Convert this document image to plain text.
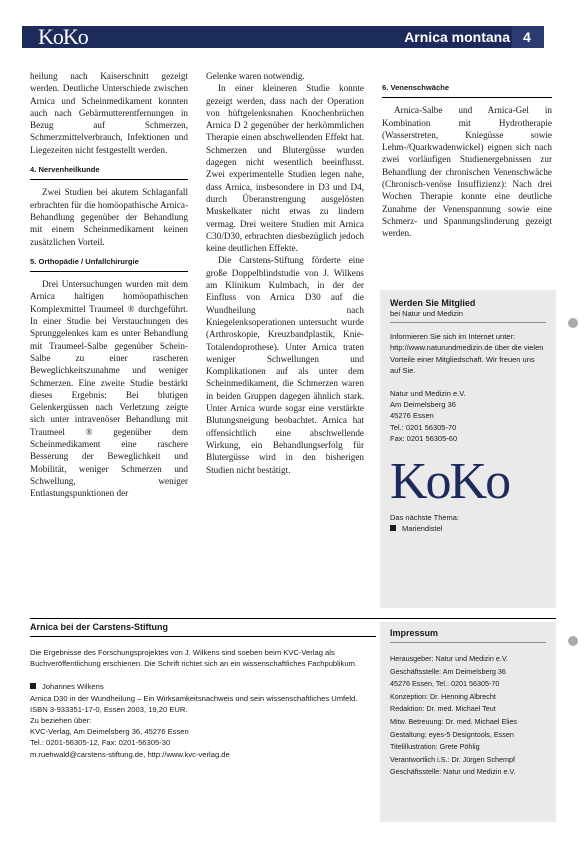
KoKo	Arnica montana 4

heilung nach Kaiserschnitt gezeigt werden. Deutliche Unterschiede zwischen Arnica und Scheinmedikament konnten auch nach Gebärmutterentfernungen in Bezug auf Schmerzen, Schmerzmittelverbrauch, Infektionen und Liegezeiten nicht festgestellt werden.

4. Nervenheilkunde

Zwei Studien bei akutem Schlaganfall erbrachten für die homöopathische Arnica-Behandlung gegenüber der Behandlung mit einem Scheinmedikament keinen zusätzlichen Vorteil.

5. Orthopädie / Unfallchirurgie

Drei Untersuchungen wurden mit dem Arnica haltigen homöopathischen Komplexmittel Traumeel ® durchgeführt. In einer Studie bei Verstauchungen des Sprunggelenkes kam es unter Behandlung mit Traumeel-Salbe gegenüber Schein-Salbe zu einer rascheren Beweglichkeitszunahme und weniger Schmerzen. Eine zweite Studie bestärkt dieses Ergebnis: Bei blutigen Gelenkergüssen nach Verletzung zeigte sich unter intravenöser Behandlung mit Traumeel ® gegenüber dem Scheinmedikament eine raschere Besserung der Beweglichkeit und Mobilität, weniger Schmerzen und Schwellung, weniger Entlastungspunktionen der

Gelenke waren notwendig.

In einer kleineren Studie konnte gezeigt werden, dass nach der Operation von hüftgelenksnahen Knochenbrüchen Arnica D 2 gegenüber der herkömmlichen Therapie einen abschwellenden Effekt hat. Schmerzen und Blutergüsse wurden dagegen nicht wesentlich beeinflusst. Zwei experimentelle Studien legen nahe, dass Arnica, insbesondere in D3 und D4, durch Überanstrengung ausgelösten Muskelkater nicht etwas zu lindern vermag. Drei weitere Studien mit Arnica C30/D30, erbrachten diesbezüglich jedoch keine deutlichen Effekte.

Die Carstens-Stiftung förderte eine große Doppelblindstudie von J. Wilkens am Klinikum Kulmbach, in der der Einfluss von Arnica D30 auf die Wundheilung nach Kniegelenksoperationen untersucht wurde (Arthroskopie, Kreuzbandplastik, Knie-Totalendoprothese). Unter Arnica traten weniger Schwellungen und Komplikationen auf als unter dem Scheinmedikament, die Schmerzen waren in beiden Gruppen dagegen ähnlich stark. Unter Arnica wurde sogar eine verstärkte Blutungsneigung beobachtet. Arnica hat offensichtlich eine abschwellende Wirkung, ein Behandlungserfolg für Blutergüsse wird in den bisherigen Studien nicht bestätigt.

6. Venenschwäche

Arnica-Salbe und Arnica-Gel in Kombination mit Hydrotherapie (Wasserstreten, Kniegüsse sowie Lehm-/Quarkwadenwickel) eignen sich nach zwei vorläufigen Studienergebnissen zur Behandlung der chronischen Venenschwäche (Chronisch-venöse Insuffizienz): Nach drei Wochen Therapie konnte eine deutliche Zunahme der Venenspannung sowie eine Schmerz- und Spannungslinderung gezeigt werden.

Werden Sie Mitglied
bei Natur und Medizin
Informieren Sie sich im Internet unter: http://www.naturundmedizin.de über die vielen Vorteile einer Mitgliedschaft. Wir freuen uns auf Sie.
Natur und Medizin e.V.
Am Deimelsberg 36
45276 Essen
Tel.: 0201 56305-70
Fax: 0201 56305-60
KoKo
Das nächste Thema:
Mariendistel
Arnica bei der Carstens-Stiftung
Die Ergebnisse des Forschungsprojektes von J. Wilkens sind soeben beim KVC-Verlag als Buchveröffentlichung erschienen. Die Schrift richtet sich an ein wissenschaftliches Fachpublikum.
Johannes Wilkens
Arnica D30 in der Wundheilung – Ein Wirksamkeitsnachweis und sein wissenschaftliches Umfeld. ISBN 3-933351-17-0, Essen 2003, 19,20 EUR.
Zu beziehen über:
KVC-Verlag, Am Deimelsberg 36, 45276 Essen
Tel.: 0201-56305-12, Fax: 0201-56305-30
m.ruehwald@carstens-stiftung.de, http://www.kvc-verlag.de
Impressum
Herausgeber: Natur und Medizin e.V.
Geschäftsstelle: Am Deimelsberg 36
45276 Essen, Tel.: 0201 56305-70
Konzeption: Dr. Henning Albrecht
Redaktion: Dr. med. Michael Teut
Mitw. Betreuung: Dr. med. Michael Elies
Gestaltung: eyes-5 Designtools, Essen
Titelillustration: Grete Pöhlig
Verantwortlich i.S.: Dr. Jürgen Schempf
Geschäftsstelle: Natur und Medizin e.V.
